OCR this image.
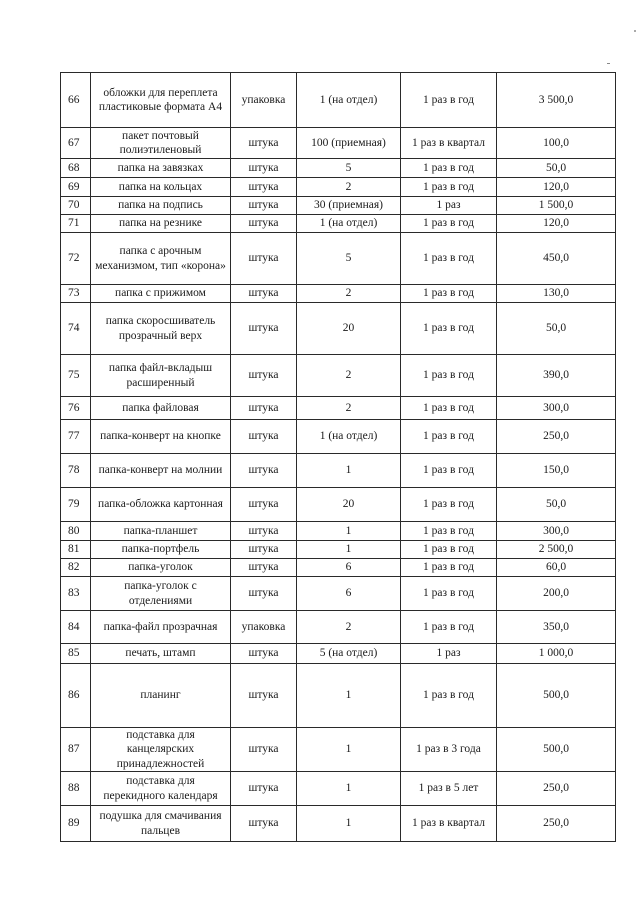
66	обложки для переплета пластиковые формата А4	упаковка	1 (на отдел)	1 раз в год	3 500,0
67	пакет почтовый полиэтиленовый	штука	100 (приемная)	1 раз в квартал	100,0
68	папка на завязках	штука	5	1 раз в год	50,0
69	папка на кольцах	штука	2	1 раз в год	120,0
70	папка на подпись	штука	30 (приемная)	1 раз	1 500,0
71	папка на резнике	штука	1 (на отдел)	1 раз в год	120,0
72	папка с арочным механизмом, тип «корона»	штука	5	1 раз в год	450,0
73	папка с прижимом	штука	2	1 раз в год	130,0
74	папка скоросшиватель прозрачный верх	штука	20	1 раз в год	50,0
75	папка файл-вкладыш расширенный	штука	2	1 раз в год	390,0
76	папка файловая	штука	2	1 раз в год	300,0
77	папка-конверт на кнопке	штука	1 (на отдел)	1 раз в год	250,0
78	папка-конверт на молнии	штука	1	1 раз в год	150,0
79	папка-обложка картонная	штука	20	1 раз в год	50,0
80	папка-планшет	штука	1	1 раз в год	300,0
81	папка-портфель	штука	1	1 раз в год	2 500,0
82	папка-уголок	штука	6	1 раз в год	60,0
83	папка-уголок с отделениями	штука	6	1 раз в год	200,0
84	папка-файл прозрачная	упаковка	2	1 раз в год	350,0
85	печать, штамп	штука	5 (на отдел)	1 раз	1 000,0
86	планинг	штука	1	1 раз в год	500,0
87	подставка для канцелярских принадлежностей	штука	1	1 раз в 3 года	500,0
88	подставка для перекидного календаря	штука	1	1 раз в 5 лет	250,0
89	подушка для смачивания пальцев	штука	1	1 раз в квартал	250,0
